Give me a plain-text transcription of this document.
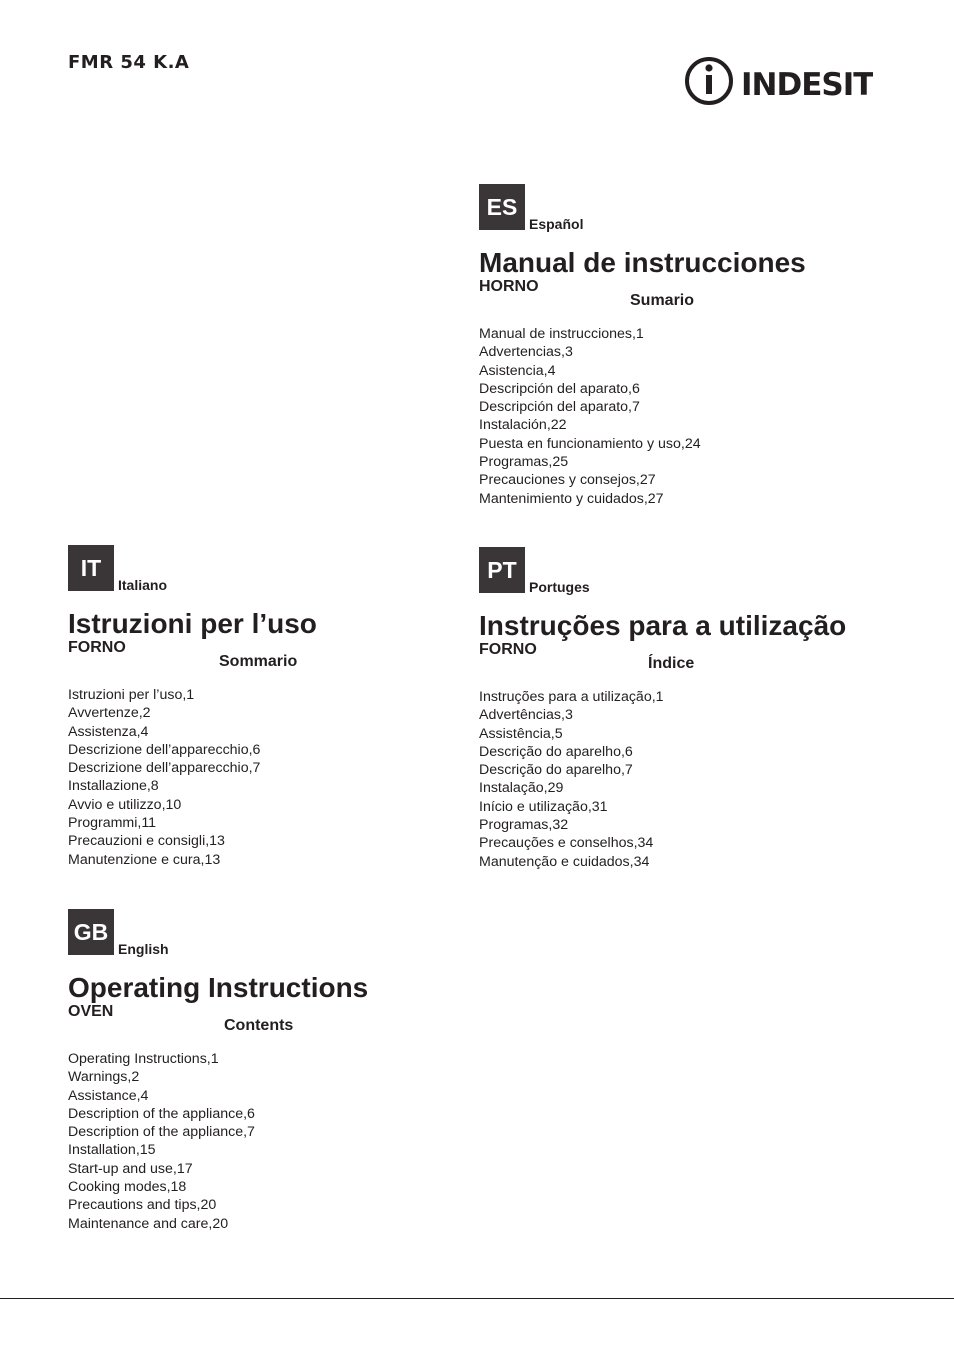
FMR 54 K.A
INDESIT
ES
Español
Manual de instrucciones
HORNO
Sumario
Manual de instrucciones,1
Advertencias,3
Asistencia,4
Descripción del aparato,6
Descripción del aparato,7
Instalación,22
Puesta en funcionamiento y uso,24
Programas,25
Precauciones y consejos,27
Mantenimiento y cuidados,27
IT
Italiano
Istruzioni per l’uso
FORNO
Sommario
Istruzioni per l’uso,1
Avvertenze,2
Assistenza,4
Descrizione dell’apparecchio,6
Descrizione dell’apparecchio,7
Installazione,8
Avvio e utilizzo,10
Programmi,11
Precauzioni e consigli,13
Manutenzione e cura,13
PT
Portuges
Instruções para a utilização
FORNO
Índice
Instruções para a utilização,1
Advertências,3
Assistência,5
Descrição do aparelho,6
Descrição do aparelho,7
Instalação,29
Início e utilização,31
Programas,32
Precauções e conselhos,34
Manutenção e cuidados,34
GB
English
Operating Instructions
OVEN
Contents
Operating Instructions,1
Warnings,2
Assistance,4
Description of the appliance,6
Description of the appliance,7
Installation,15
Start-up and use,17
Cooking modes,18
Precautions and tips,20
Maintenance and care,20
